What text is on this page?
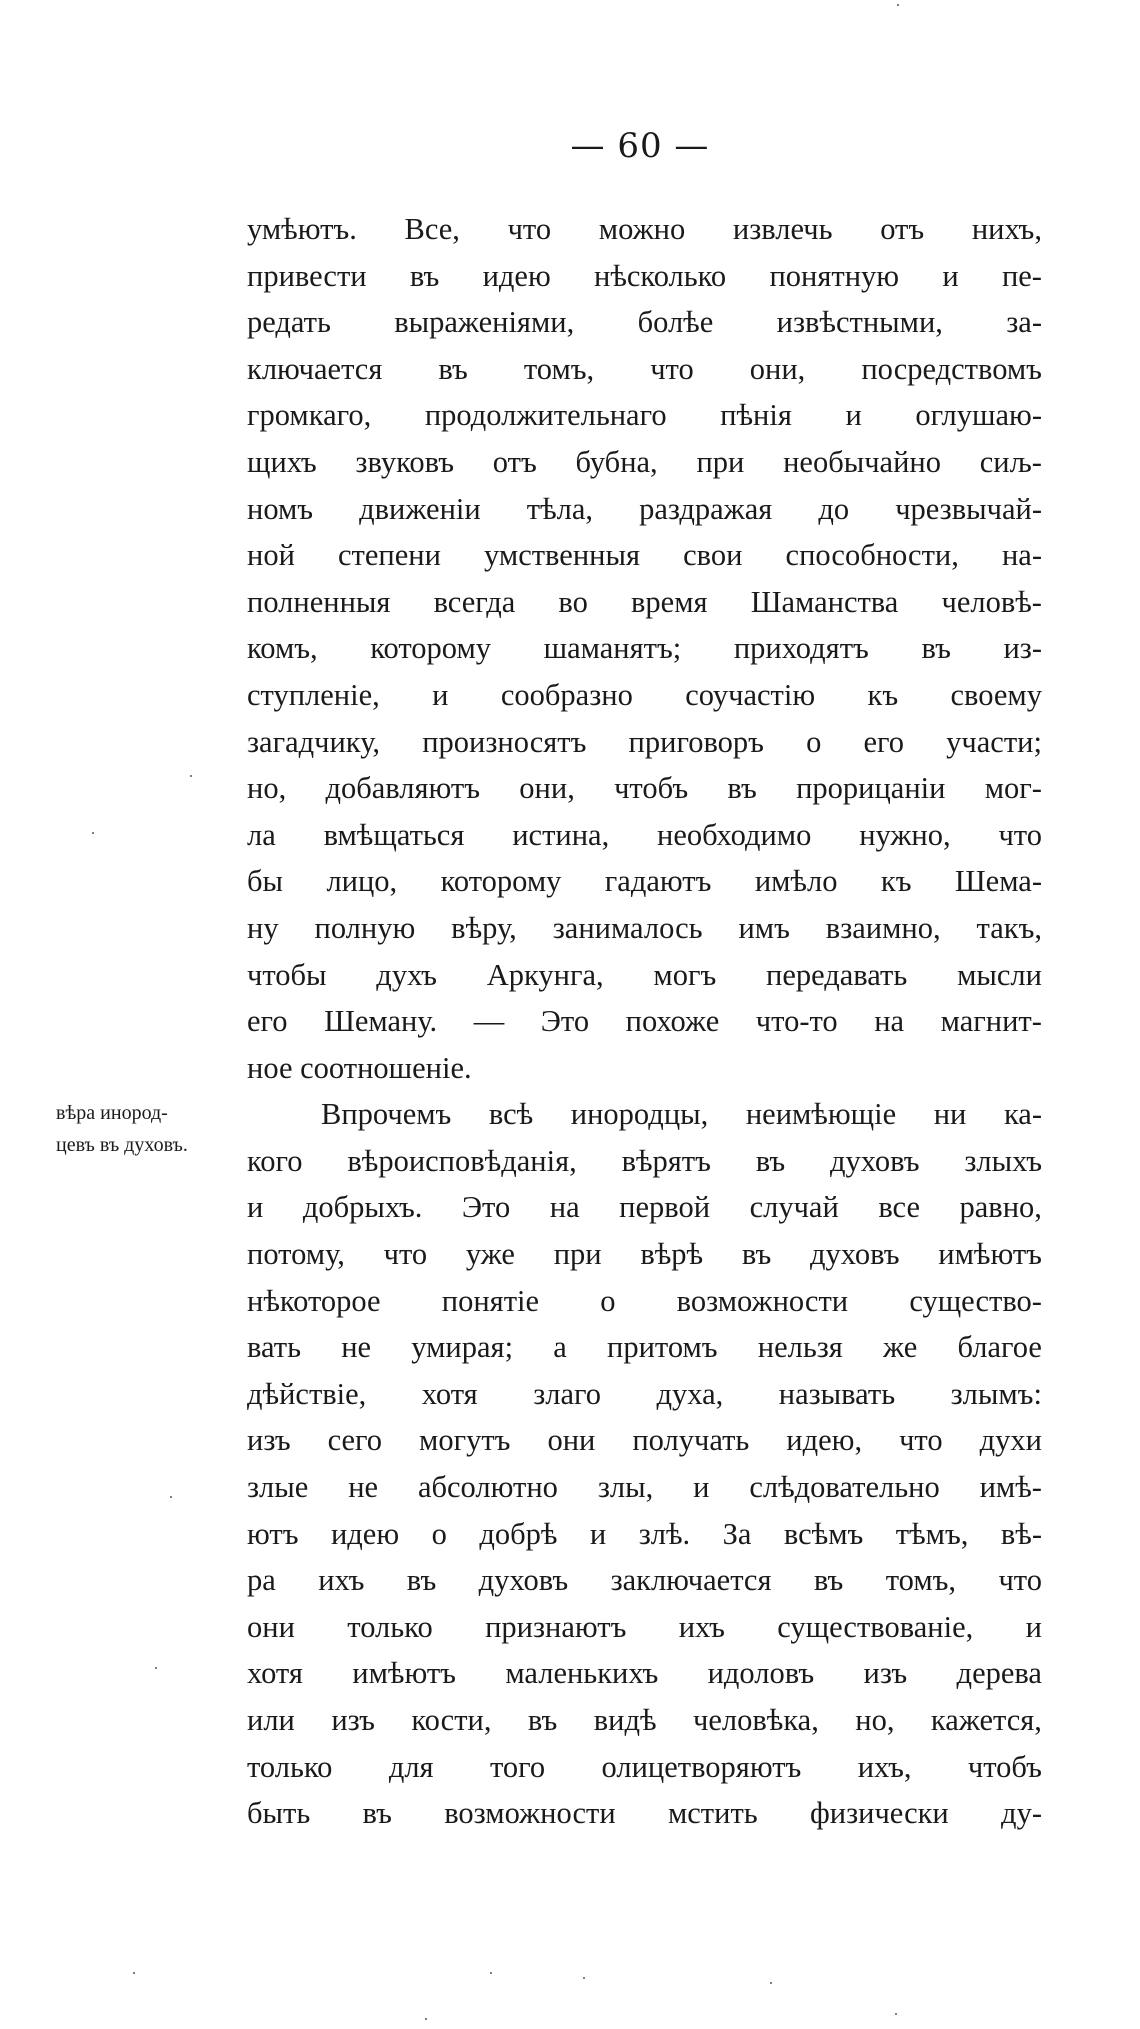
— 60 —
вѣра инород-
цевъ въ духовъ.
умѣютъ. Все, что можно извлечь отъ нихъ,
привести въ идею нѣсколько понятную и пе-
редать выраженіями, болѣе извѣстными, за-
ключается въ томъ, что они, посредствомъ
громкаго, продолжительнаго пѣнія и оглушаю-
щихъ звуковъ отъ бубна, при необычайно сиљ-
номъ движеніи тѣла, раздражая до чрезвычай-
ной степени умственныя свои способности, на-
полненныя всегда во время Шаманства человѣ-
комъ, которому шаманятъ; приходятъ въ из-
ступленіе, и сообразно соучастію къ своему
загадчику, произносятъ приговоръ о его участи;
но, добавляютъ они, чтобъ въ прорицаніи мог-
ла вмѣщаться истина, необходимо нужно, что
бы лицо, которому гадаютъ имѣло къ Шема-
ну полную вѣру, занималось имъ взаимно, такъ,
чтобы духъ Аркунга, могъ передавать мысли
его Шеману. — Это похоже что-то на магнит-
ное соотношеніе.
Впрочемъ всѣ инородцы, неимѣющіе ни ка-
кого вѣроисповѣданія, вѣрятъ въ духовъ злыхъ
и добрыхъ. Это на первой случай все равно,
потому, что уже при вѣрѣ въ духовъ имѣютъ
нѣкоторое понятіе о возможности существо-
вать не умирая; а притомъ нельзя же благое
дѣйствіе, хотя злаго духа, называть злымъ:
изъ сего могутъ они получать идею, что духи
злые не абсолютно злы, и слѣдовательно имѣ-
ютъ идею о добрѣ и злѣ. За всѣмъ тѣмъ, вѣ-
ра ихъ въ духовъ заключается въ томъ, что
они только признаютъ ихъ существованіе, и
хотя имѣютъ маленькихъ идоловъ изъ дерева
или изъ кости, въ видѣ человѣка, но, кажется,
только для того олицетворяютъ ихъ, чтобъ
быть въ возможности мстить физически ду-
